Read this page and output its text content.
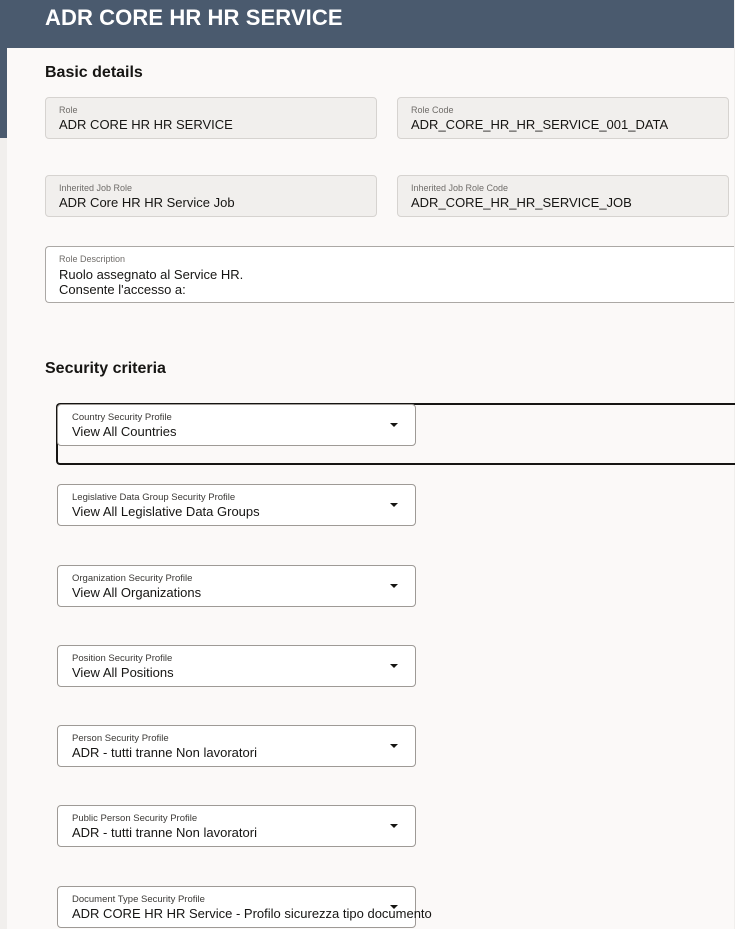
ADR CORE HR HR SERVICE
Basic details
Role
ADR CORE HR HR SERVICE
Role Code
ADR_CORE_HR_HR_SERVICE_001_DATA
Inherited Job Role
ADR Core HR HR Service Job
Inherited Job Role Code
ADR_CORE_HR_HR_SERVICE_JOB
Role Description
Ruolo assegnato al Service HR.
Consente l'accesso a:
Security criteria
Country Security Profile
View All Countries
Legislative Data Group Security Profile
View All Legislative Data Groups
Organization Security Profile
View All Organizations
Position Security Profile
View All Positions
Person Security Profile
ADR - tutti tranne Non lavoratori
Public Person Security Profile
ADR - tutti tranne Non lavoratori
Document Type Security Profile
ADR CORE HR HR Service - Profilo sicurezza tipo documento
